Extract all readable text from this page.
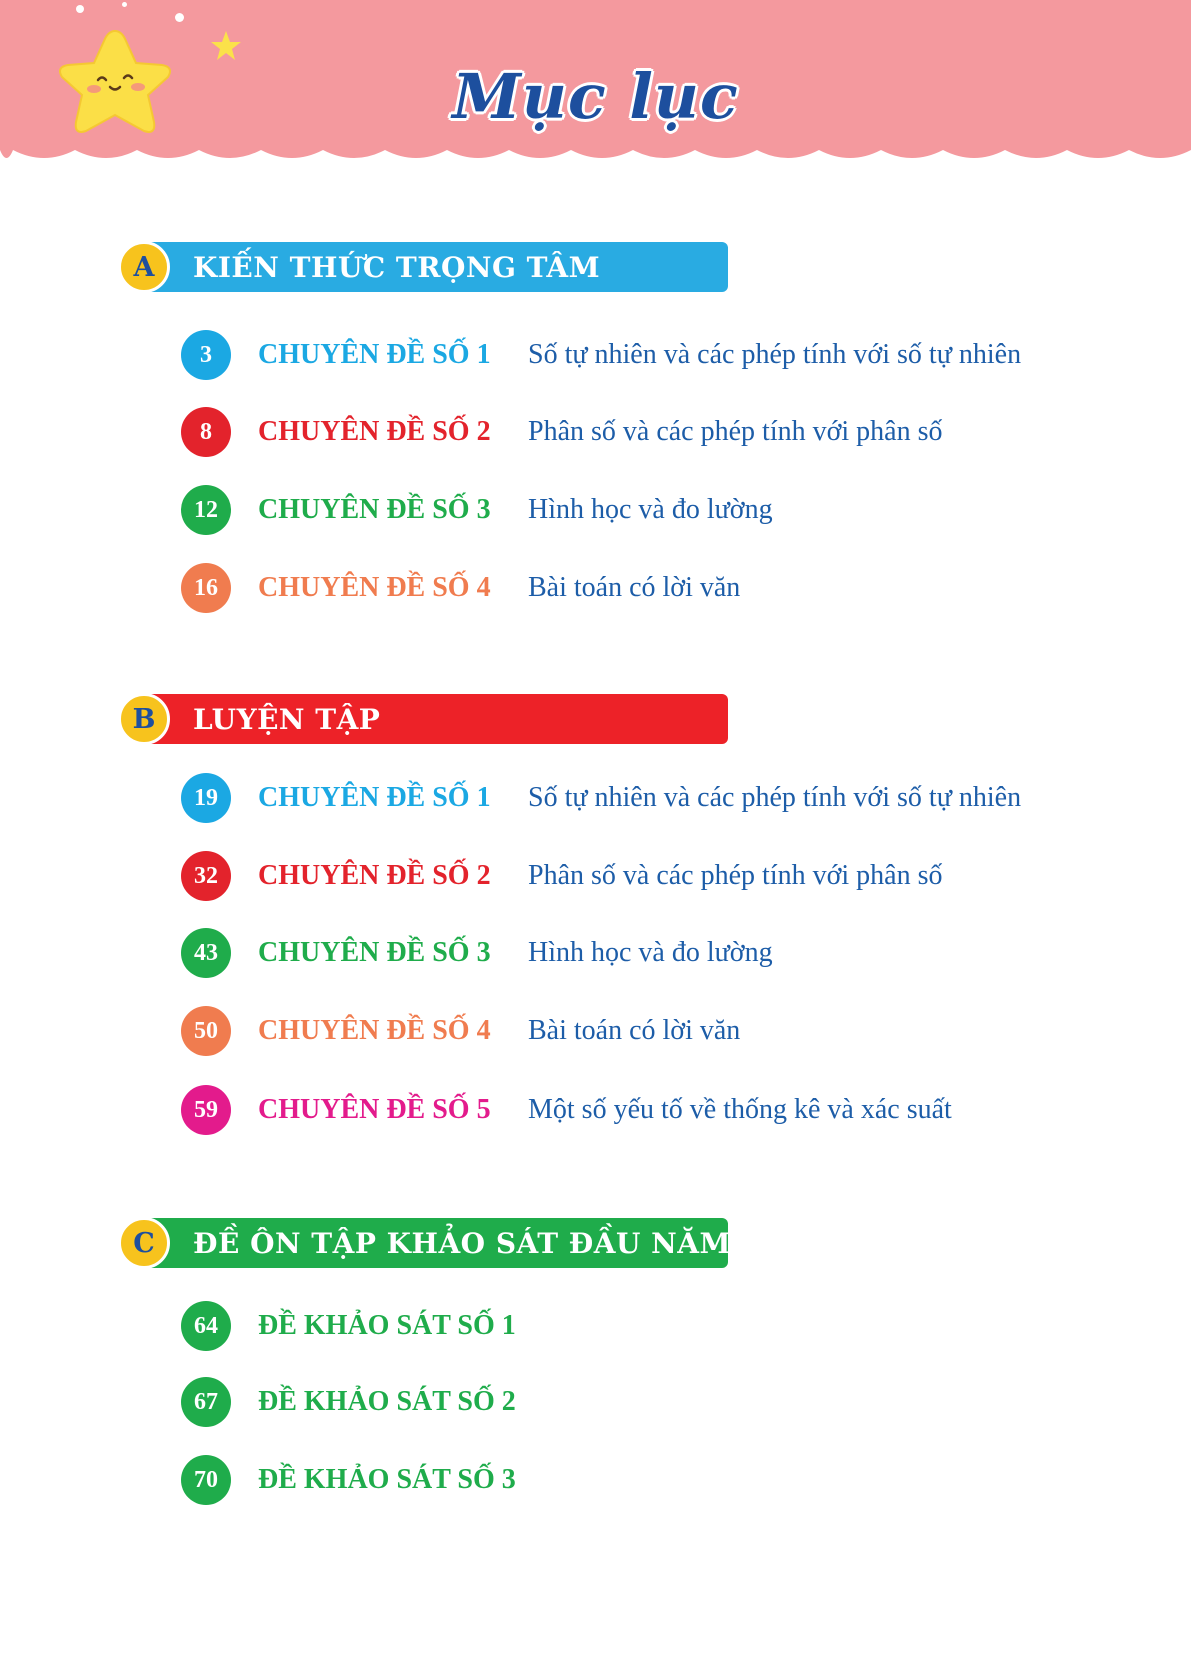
Mục lục
A	KIẾN THỨC TRỌNG TÂM
3	CHUYÊN ĐỀ SỐ 1 Số tự nhiên và các phép tính với số tự nhiên
8	CHUYÊN ĐỀ SỐ 2 Phân số và các phép tính với phân số
12	CHUYÊN ĐỀ SỐ 3 Hình học và đo lường
16	CHUYÊN ĐỀ SỐ 4 Bài toán có lời văn
B	LUYỆN TẬP
19	CHUYÊN ĐỀ SỐ 1 Số tự nhiên và các phép tính với số tự nhiên
32	CHUYÊN ĐỀ SỐ 2 Phân số và các phép tính với phân số
43	CHUYÊN ĐỀ SỐ 3 Hình học và đo lường
50	CHUYÊN ĐỀ SỐ 4 Bài toán có lời văn
59	CHUYÊN ĐỀ SỐ 5 Một số yếu tố về thống kê và xác suất
C	ĐỀ ÔN TẬP KHẢO SÁT ĐẦU NĂM
64	ĐỀ KHẢO SÁT SỐ 1
67	ĐỀ KHẢO SÁT SỐ 2
70	ĐỀ KHẢO SÁT SỐ 3
